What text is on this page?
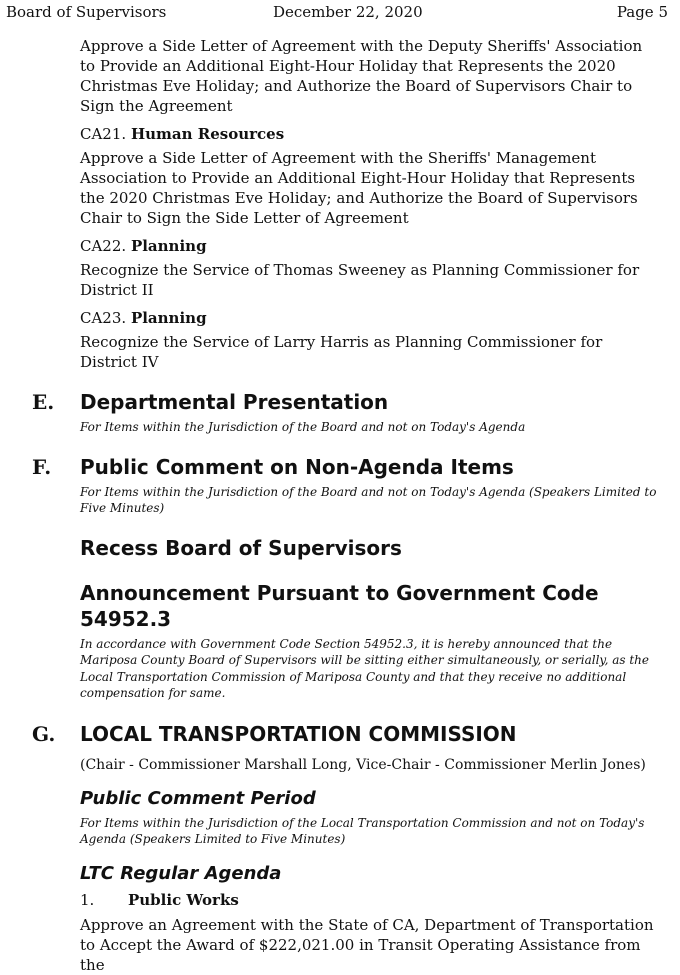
Board of Supervisors	December 22, 2020	Page 5

Approve a Side Letter of Agreement with the Deputy Sheriffs' Association to Provide an Additional Eight-Hour Holiday that Represents the 2020 Christmas Eve Holiday; and Authorize the Board of Supervisors Chair to Sign the Agreement

CA21. Human Resources

Approve a Side Letter of Agreement with the Sheriffs' Management Association to Provide an Additional Eight-Hour Holiday that Represents the 2020 Christmas Eve Holiday; and Authorize the Board of Supervisors Chair to Sign the Side Letter of Agreement

CA22. Planning

Recognize the Service of Thomas Sweeney as Planning Commissioner for District II

CA23. Planning

Recognize the Service of Larry Harris as Planning Commissioner for District IV

E. Departmental Presentation

For Items within the Jurisdiction of the Board and not on Today's Agenda

F. Public Comment on Non-Agenda Items

For Items within the Jurisdiction of the Board and not on Today's Agenda (Speakers Limited to Five Minutes)

Recess Board of Supervisors
Announcement Pursuant to Government Code 54952.3

In accordance with Government Code Section 54952.3, it is hereby announced that the Mariposa County Board of Supervisors will be sitting either simultaneously, or serially, as the Local Transportation Commission of Mariposa County and that they receive no additional compensation for same.

G. LOCAL TRANSPORTATION COMMISSION

(Chair - Commissioner Marshall Long, Vice-Chair - Commissioner Merlin Jones)

Public Comment Period

For Items within the Jurisdiction of the Local Transportation Commission and not on Today's Agenda (Speakers Limited to Five Minutes)

LTC Regular Agenda

1. Public Works

Approve an Agreement with the State of CA, Department of Transportation to Accept the Award of $222,021.00 in Transit Operating Assistance from the
